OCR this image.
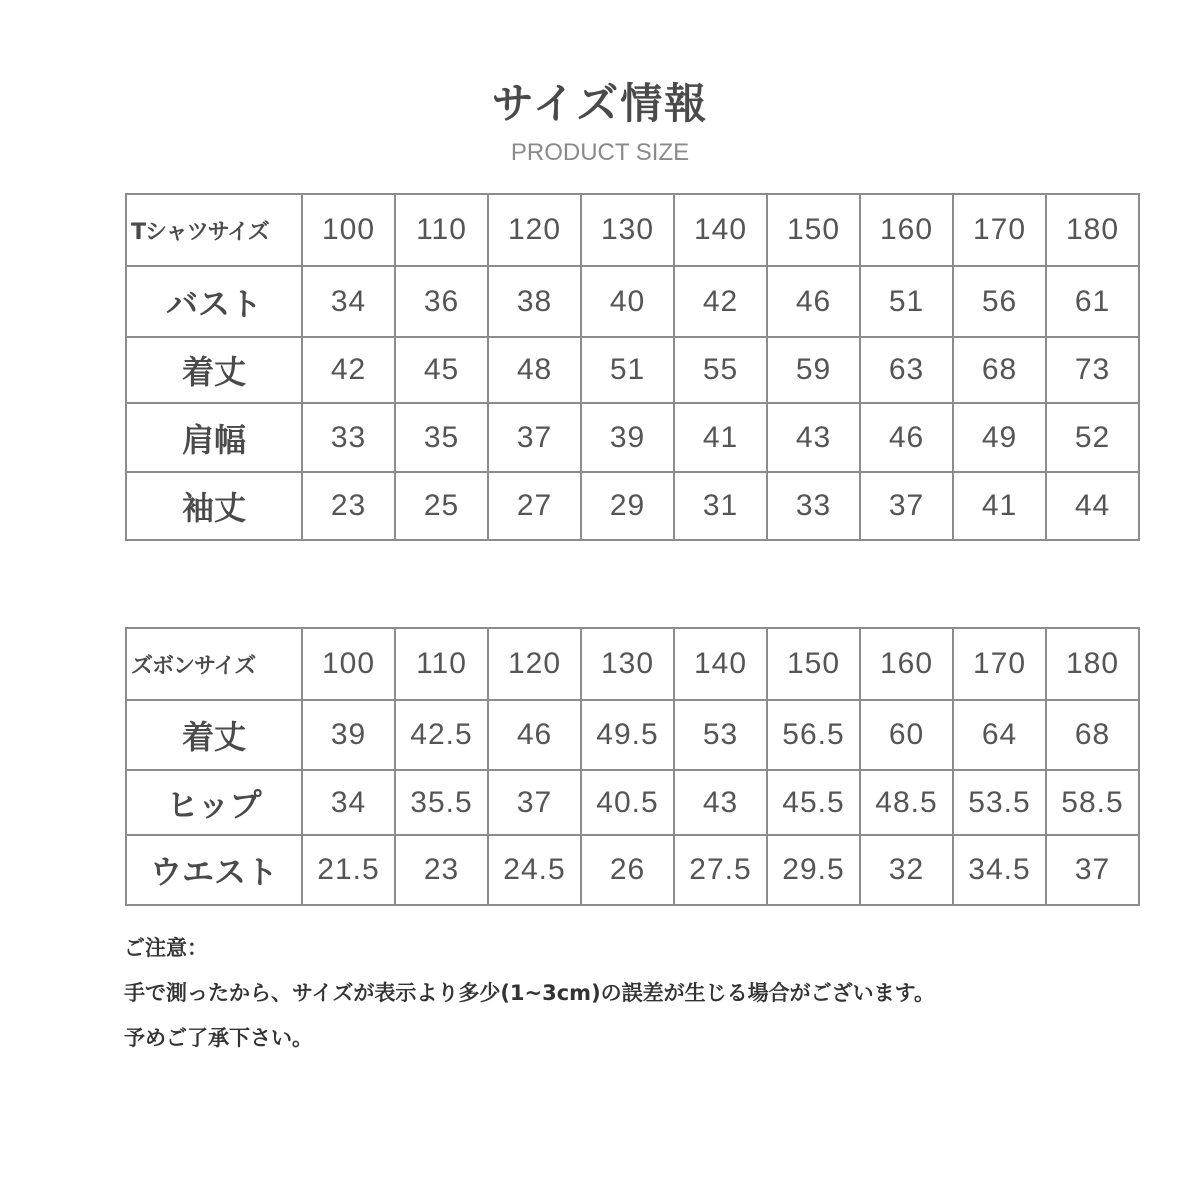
サイズ情報
PRODUCT SIZE
Tシャツサイズ	100	110	120	130	140	150	160	170	180
バスト	34	36	38	40	42	46	51	56	61
着丈	42	45	48	51	55	59	63	68	73
肩幅	33	35	37	39	41	43	46	49	52
袖丈	23	25	27	29	31	33	37	41	44
ズボンサイズ	100	110	120	130	140	150	160	170	180
着丈	39	42.5	46	49.5	53	56.5	60	64	68
ヒップ	34	35.5	37	40.5	43	45.5	48.5	53.5	58.5
ウエスト	21.5	23	24.5	26	27.5	29.5	32	34.5	37

ご注意：

手で測ったから、サイズが表示より多少(1~3cm)の誤差が生じる場合がございます。

予めご了承下さい。
